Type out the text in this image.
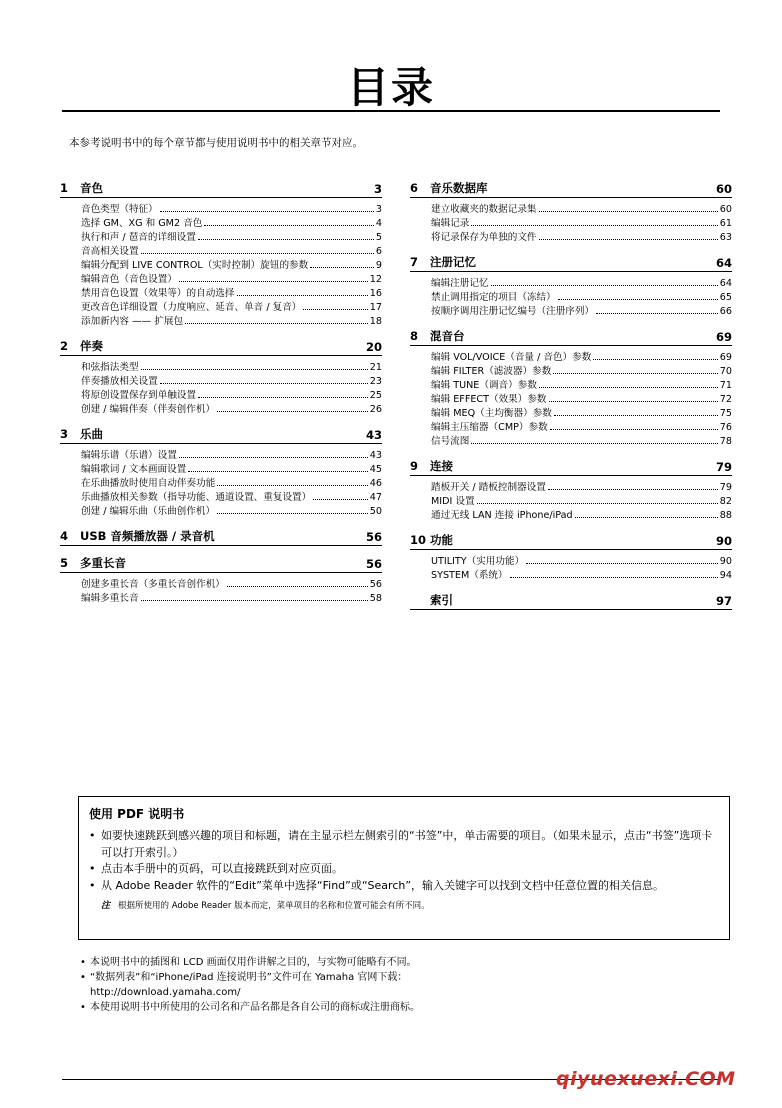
目录
本参考说明书中的每个章节都与使用说明书中的相关章节对应。
1 音色	3
音色类型（特征）	3
选择 GM、XG 和 GM2 音色	4
执行和声 / 琶音的详细设置	5
音高相关设置	6
编辑分配到 LIVE CONTROL（实时控制）旋钮的参数	9
编辑音色（音色设置）	12
禁用音色设置（效果等）的自动选择	16
更改音色详细设置（力度响应、延音、单音 / 复音）	17
添加新内容 —— 扩展包	18
2 伴奏	20
和弦指法类型	21
伴奏播放相关设置	23
将原创设置保存到单触设置	25
创建 / 编辑伴奏（伴奏创作机）	26
3 乐曲	43
编辑乐谱（乐谱）设置	43
编辑歌词 / 文本画面设置	45
在乐曲播放时使用自动伴奏功能	46
乐曲播放相关参数（指导功能、通道设置、重复设置）	47
创建 / 编辑乐曲（乐曲创作机）	50
4 USB 音频播放器 / 录音机	56
5 多重长音	56
创建多重长音（多重长音创作机）	56
编辑多重长音	58
6 音乐数据库	60
建立收藏夹的数据记录集	60
编辑记录	61
将记录保存为单独的文件	63
7 注册记忆	64
编辑注册记忆	64
禁止调用指定的项目（冻结）	65
按顺序调用注册记忆编号（注册序列）	66
8 混音台	69
编辑 VOL/VOICE（音量 / 音色）参数	69
编辑 FILTER（滤波器）参数	70
编辑 TUNE（调音）参数	71
编辑 EFFECT（效果）参数	72
编辑 MEQ（主均衡器）参数	75
编辑主压缩器（CMP）参数	76
信号流图	78
9 连接	79
踏板开关 / 踏板控制器设置	79
MIDI 设置	82
通过无线 LAN 连接 iPhone/iPad	88
10 功能	90
UTILITY（实用功能）	90
SYSTEM（系统）	94
索引	97
使用 PDF 说明书
• 如要快速跳跃到感兴趣的项目和标题，请在主显示栏左侧索引的“书签”中，单击需要的项目。（如果未显示，点击“书签”选项卡可以打开索引。）
• 点击本手册中的页码，可以直接跳跃到对应页面。
• 从 Adobe Reader 软件的“Edit”菜单中选择“Find”或“Search”，输入关键字可以找到文档中任意位置的相关信息。
注 根据所使用的 Adobe Reader 版本而定，菜单项目的名称和位置可能会有所不同。
• 本说明书中的插图和 LCD 画面仅用作讲解之目的，与实物可能略有不同。
• “数据列表”和“iPhone/iPad 连接说明书”文件可在 Yamaha 官网下载：
http://download.yamaha.com/
• 本使用说明书中所使用的公司名和产品名都是各自公司的商标或注册商标。
qiyuexuexi.COM
